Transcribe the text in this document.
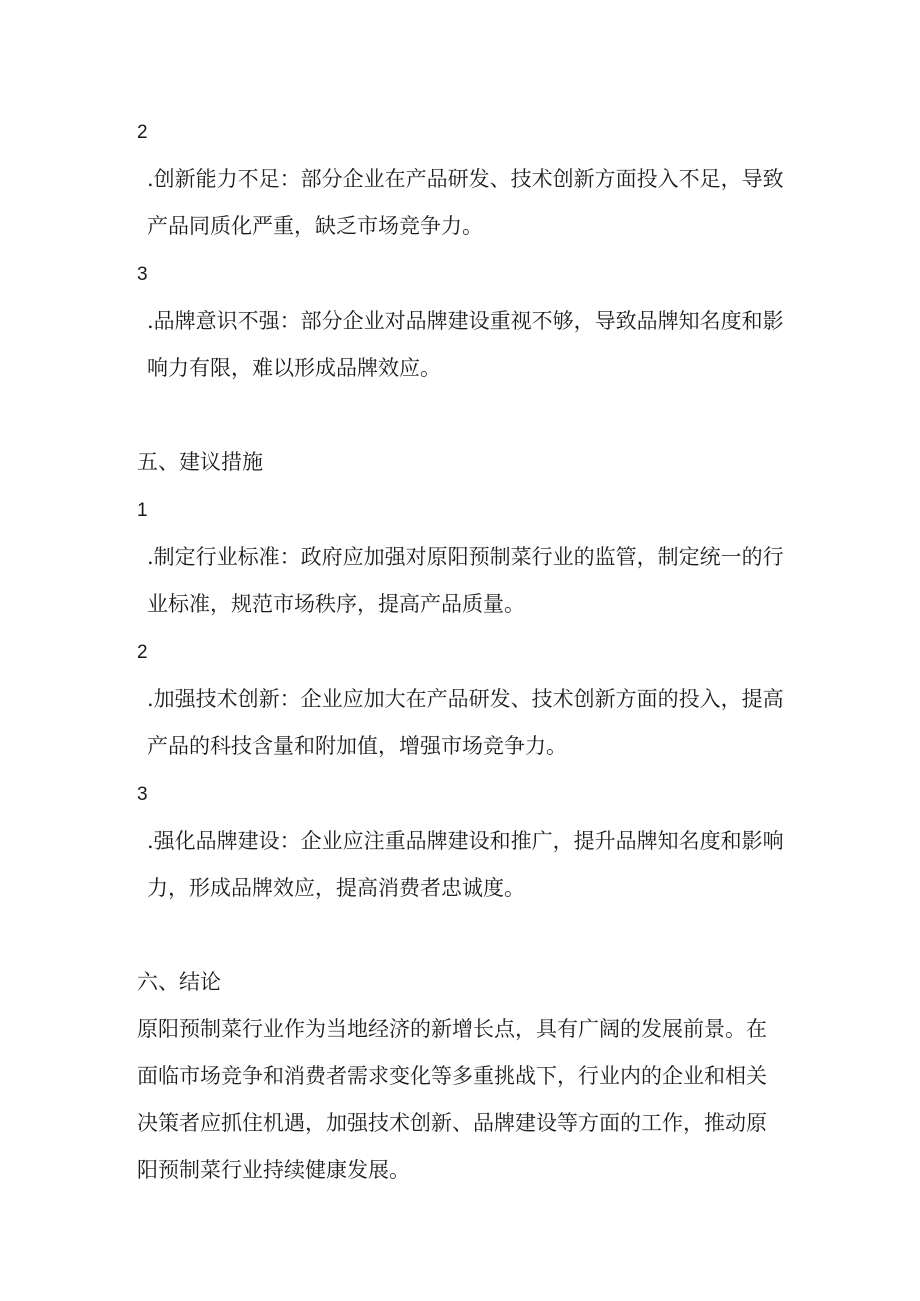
2.创新能力不足：部分企业在产品研发、技术创新方面投入不足，导致产品同质化严重，缺乏市场竞争力。

3.品牌意识不强：部分企业对品牌建设重视不够，导致品牌知名度和影响力有限，难以形成品牌效应。

五、建议措施

1.制定行业标准：政府应加强对原阳预制菜行业的监管，制定统一的行业标准，规范市场秩序，提高产品质量。

2.加强技术创新：企业应加大在产品研发、技术创新方面的投入，提高产品的科技含量和附加值，增强市场竞争力。

3.强化品牌建设：企业应注重品牌建设和推广，提升品牌知名度和影响力，形成品牌效应，提高消费者忠诚度。

六、结论

原阳预制菜行业作为当地经济的新增长点，具有广阔的发展前景。在面临市场竞争和消费者需求变化等多重挑战下，行业内的企业和相关决策者应抓住机遇，加强技术创新、品牌建设等方面的工作，推动原阳预制菜行业持续健康发展。
